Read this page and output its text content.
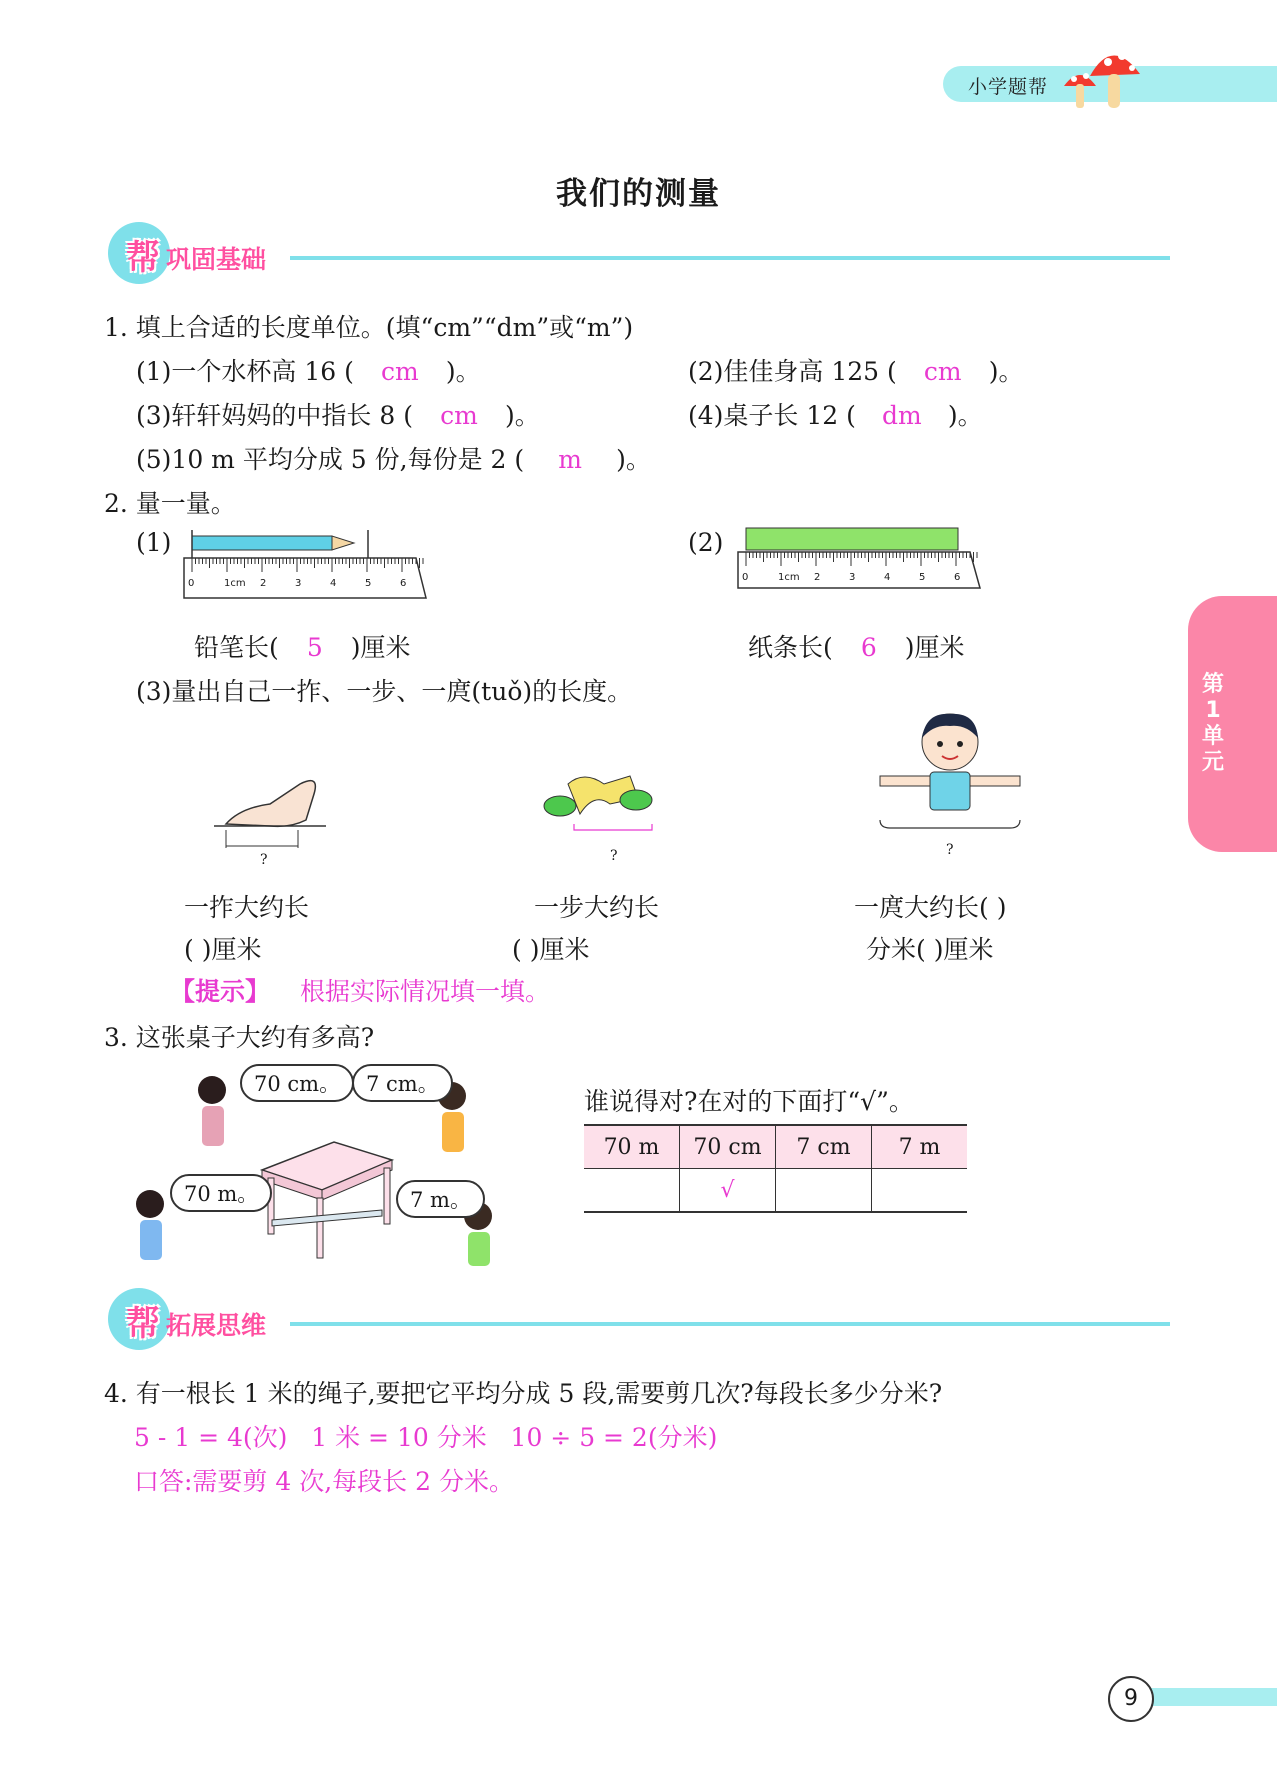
小学题帮
我们的测量
帮 巩固基础
第1单元
1. 填上合适的长度单位。(填“cm”“dm”或“m”)
(1)一个水杯高 16 ( cm )。	(2)佳佳身高 125 ( cm )。
(3)轩轩妈妈的中指长 8 ( cm )。	(4)桌子长 12 ( dm )。
(5)10 m 平均分成 5 份,每份是 2 ( m )。
2. 量一量。
(1)	(2)
0	1cm 2	3	4	5	6
0	1cm 2	3	4	5	6
铅笔长( 5 )厘米	纸条长( 6 )厘米
(3)量出自己一拃、一步、一庹(tuǒ)的长度。
?	?	?
一拃大约长
( )厘米
一步大约长
( )厘米
一庹大约长( )
分米( )厘米
【提示】 根据实际情况填一填。
3. 这张桌子大约有多高?
70 cm。	7 cm。
70 m。	7 m。
谁说得对?在对的下面打“√”。
70 m	70 cm	7 cm	7 m
	√		
帮 拓展思维
4. 有一根长 1 米的绳子,要把它平均分成 5 段,需要剪几次?每段长多少分米?
5 - 1 = 4(次)   1 米 = 10 分米   10 ÷ 5 = 2(分米)
口答:需要剪 4 次,每段长 2 分米。
9
